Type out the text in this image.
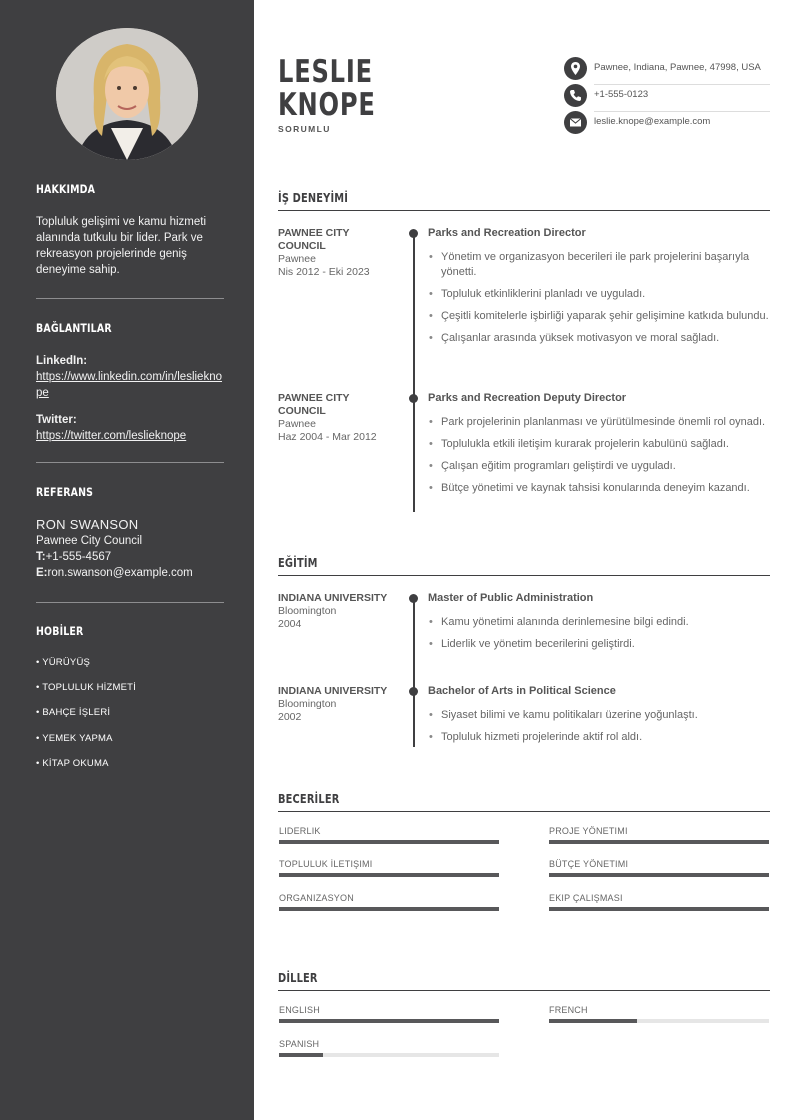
HAKKIMDA
Topluluk gelişimi ve kamu hizmeti alanında tutkulu bir lider. Park ve rekreasyon projelerinde geniş deneyime sahip.
BAĞLANTILAR
LinkedIn:
https://www.linkedin.com/in/leslieknope
Twitter:
https://twitter.com/leslieknope
REFERANS
RON SWANSON
Pawnee City Council
T:+1-555-4567
E:ron.swanson@example.com
HOBİLER
• YÜRÜYÜŞ
• TOPLULUK HİZMETİ
• BAHÇE İŞLERİ
• YEMEK YAPMA
• KİTAP OKUMA
LESLIE
KNOPE
SORUMLU
Pawnee, Indiana, Pawnee, 47998, USA
+1-555-0123
leslie.knope@example.com
İŞ DENEYİMİ
PAWNEE CITY COUNCIL
Pawnee
Nis 2012 - Eki 2023
Parks and Recreation Director
• Yönetim ve organizasyon becerileri ile park projelerini başarıyla yönetti.
• Topluluk etkinliklerini planladı ve uyguladı.
• Çeşitli komitelerle işbirliği yaparak şehir gelişimine katkıda bulundu.
• Çalışanlar arasında yüksek motivasyon ve moral sağladı.
PAWNEE CITY COUNCIL
Pawnee
Haz 2004 - Mar 2012
Parks and Recreation Deputy Director
• Park projelerinin planlanması ve yürütülmesinde önemli rol oynadı.
• Toplulukla etkili iletişim kurarak projelerin kabulünü sağladı.
• Çalışan eğitim programları geliştirdi ve uyguladı.
• Bütçe yönetimi ve kaynak tahsisi konularında deneyim kazandı.
EĞİTİM
INDIANA UNIVERSITY
Bloomington
2004
Master of Public Administration
• Kamu yönetimi alanında derinlemesine bilgi edindi.
• Liderlik ve yönetim becerilerini geliştirdi.
INDIANA UNIVERSITY
Bloomington
2002
Bachelor of Arts in Political Science
• Siyaset bilimi ve kamu politikaları üzerine yoğunlaştı.
• Topluluk hizmeti projelerinde aktif rol aldı.
BECERİLER
LIDERLIK	PROJE YÖNETIMI
TOPLULUK İLETIŞIMI	BÜTÇE YÖNETIMI
ORGANIZASYON	EKIP ÇALIŞMASI
DİLLER
ENGLISH	FRENCH
SPANISH
